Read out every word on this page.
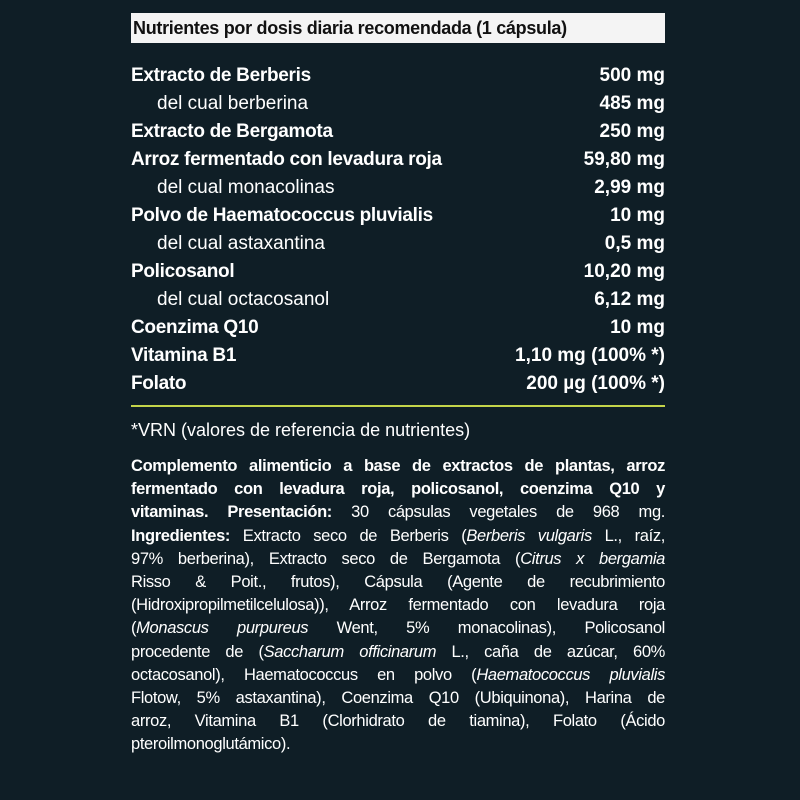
Nutrientes por dosis diaria recomendada (1 cápsula)
Extracto de Berberis	500 mg
del cual berberina	485 mg
Extracto de Bergamota	250 mg
Arroz fermentado con levadura roja	59,80 mg
del cual monacolinas	2,99 mg
Polvo de Haematococcus pluvialis	10 mg
del cual astaxantina	0,5 mg
Policosanol	10,20 mg
del cual octacosanol	6,12 mg
Coenzima Q10	10 mg
Vitamina B1	1,10 mg (100% *)
Folato	200 µg (100% *)
*VRN (valores de referencia de nutrientes)
Complemento alimenticio a base de extractos de plantas, arroz
fermentado con levadura roja, policosanol, coenzima Q10 y
vitaminas. Presentación: 30 cápsulas vegetales de 968 mg.
Ingredientes: Extracto seco de Berberis (Berberis vulgaris L., raíz,
97% berberina), Extracto seco de Bergamota (Citrus x bergamia
Risso & Poit., frutos), Cápsula (Agente de recubrimiento
(Hidroxipropilmetilcelulosa)), Arroz fermentado con levadura roja
(Monascus purpureus Went, 5% monacolinas), Policosanol
procedente de (Saccharum officinarum L., caña de azúcar, 60%
octacosanol), Haematococcus en polvo (Haematococcus pluvialis
Flotow, 5% astaxantina), Coenzima Q10 (Ubiquinona), Harina de
arroz, Vitamina B1 (Clorhidrato de tiamina), Folato (Ácido
pteroilmonoglutámico).
